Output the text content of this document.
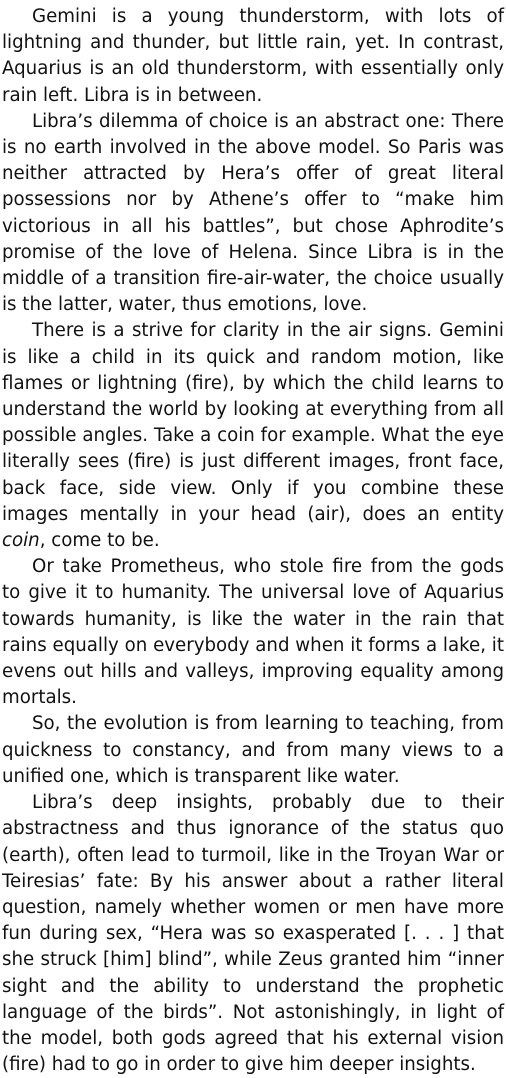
Gemini is a young thunderstorm, with lots of lightning and thunder, but little rain, yet. In contrast, Aquarius is an old thunderstorm, with essentially only rain left. Libra is in between.

Libra’s dilemma of choice is an abstract one: There is no earth involved in the above model. So Paris was neither attracted by Hera’s offer of great literal possessions nor by Athene’s offer to “make him victorious in all his battles”, but chose Aphrodite’s promise of the love of Helena. Since Libra is in the middle of a transition fire-air-water, the choice usually is the latter, water, thus emotions, love.

There is a strive for clarity in the air signs. Gemini is like a child in its quick and random motion, like flames or lightning (fire), by which the child learns to understand the world by looking at everything from all possible angles. Take a coin for example. What the eye literally sees (fire) is just different images, front face, back face, side view. Only if you combine these images mentally in your head (air), does an entity coin, come to be.

Or take Prometheus, who stole fire from the gods to give it to humanity. The universal love of Aquarius towards humanity, is like the water in the rain that rains equally on everybody and when it forms a lake, it evens out hills and valleys, improving equality among mortals.

So, the evolution is from learning to teaching, from quickness to constancy, and from many views to a unified one, which is transparent like water.

Libra’s deep insights, probably due to their abstractness and thus ignorance of the status quo (earth), often lead to turmoil, like in the Troyan War or Teiresias’ fate: By his answer about a rather literal question, namely whether women or men have more fun during sex, “Hera was so exasperated [. . . ] that she struck [him] blind”, while Zeus granted him “inner sight and the ability to understand the prophetic language of the birds”. Not astonishingly, in light of the model, both gods agreed that his external vision (fire) had to go in order to give him deeper insights.
